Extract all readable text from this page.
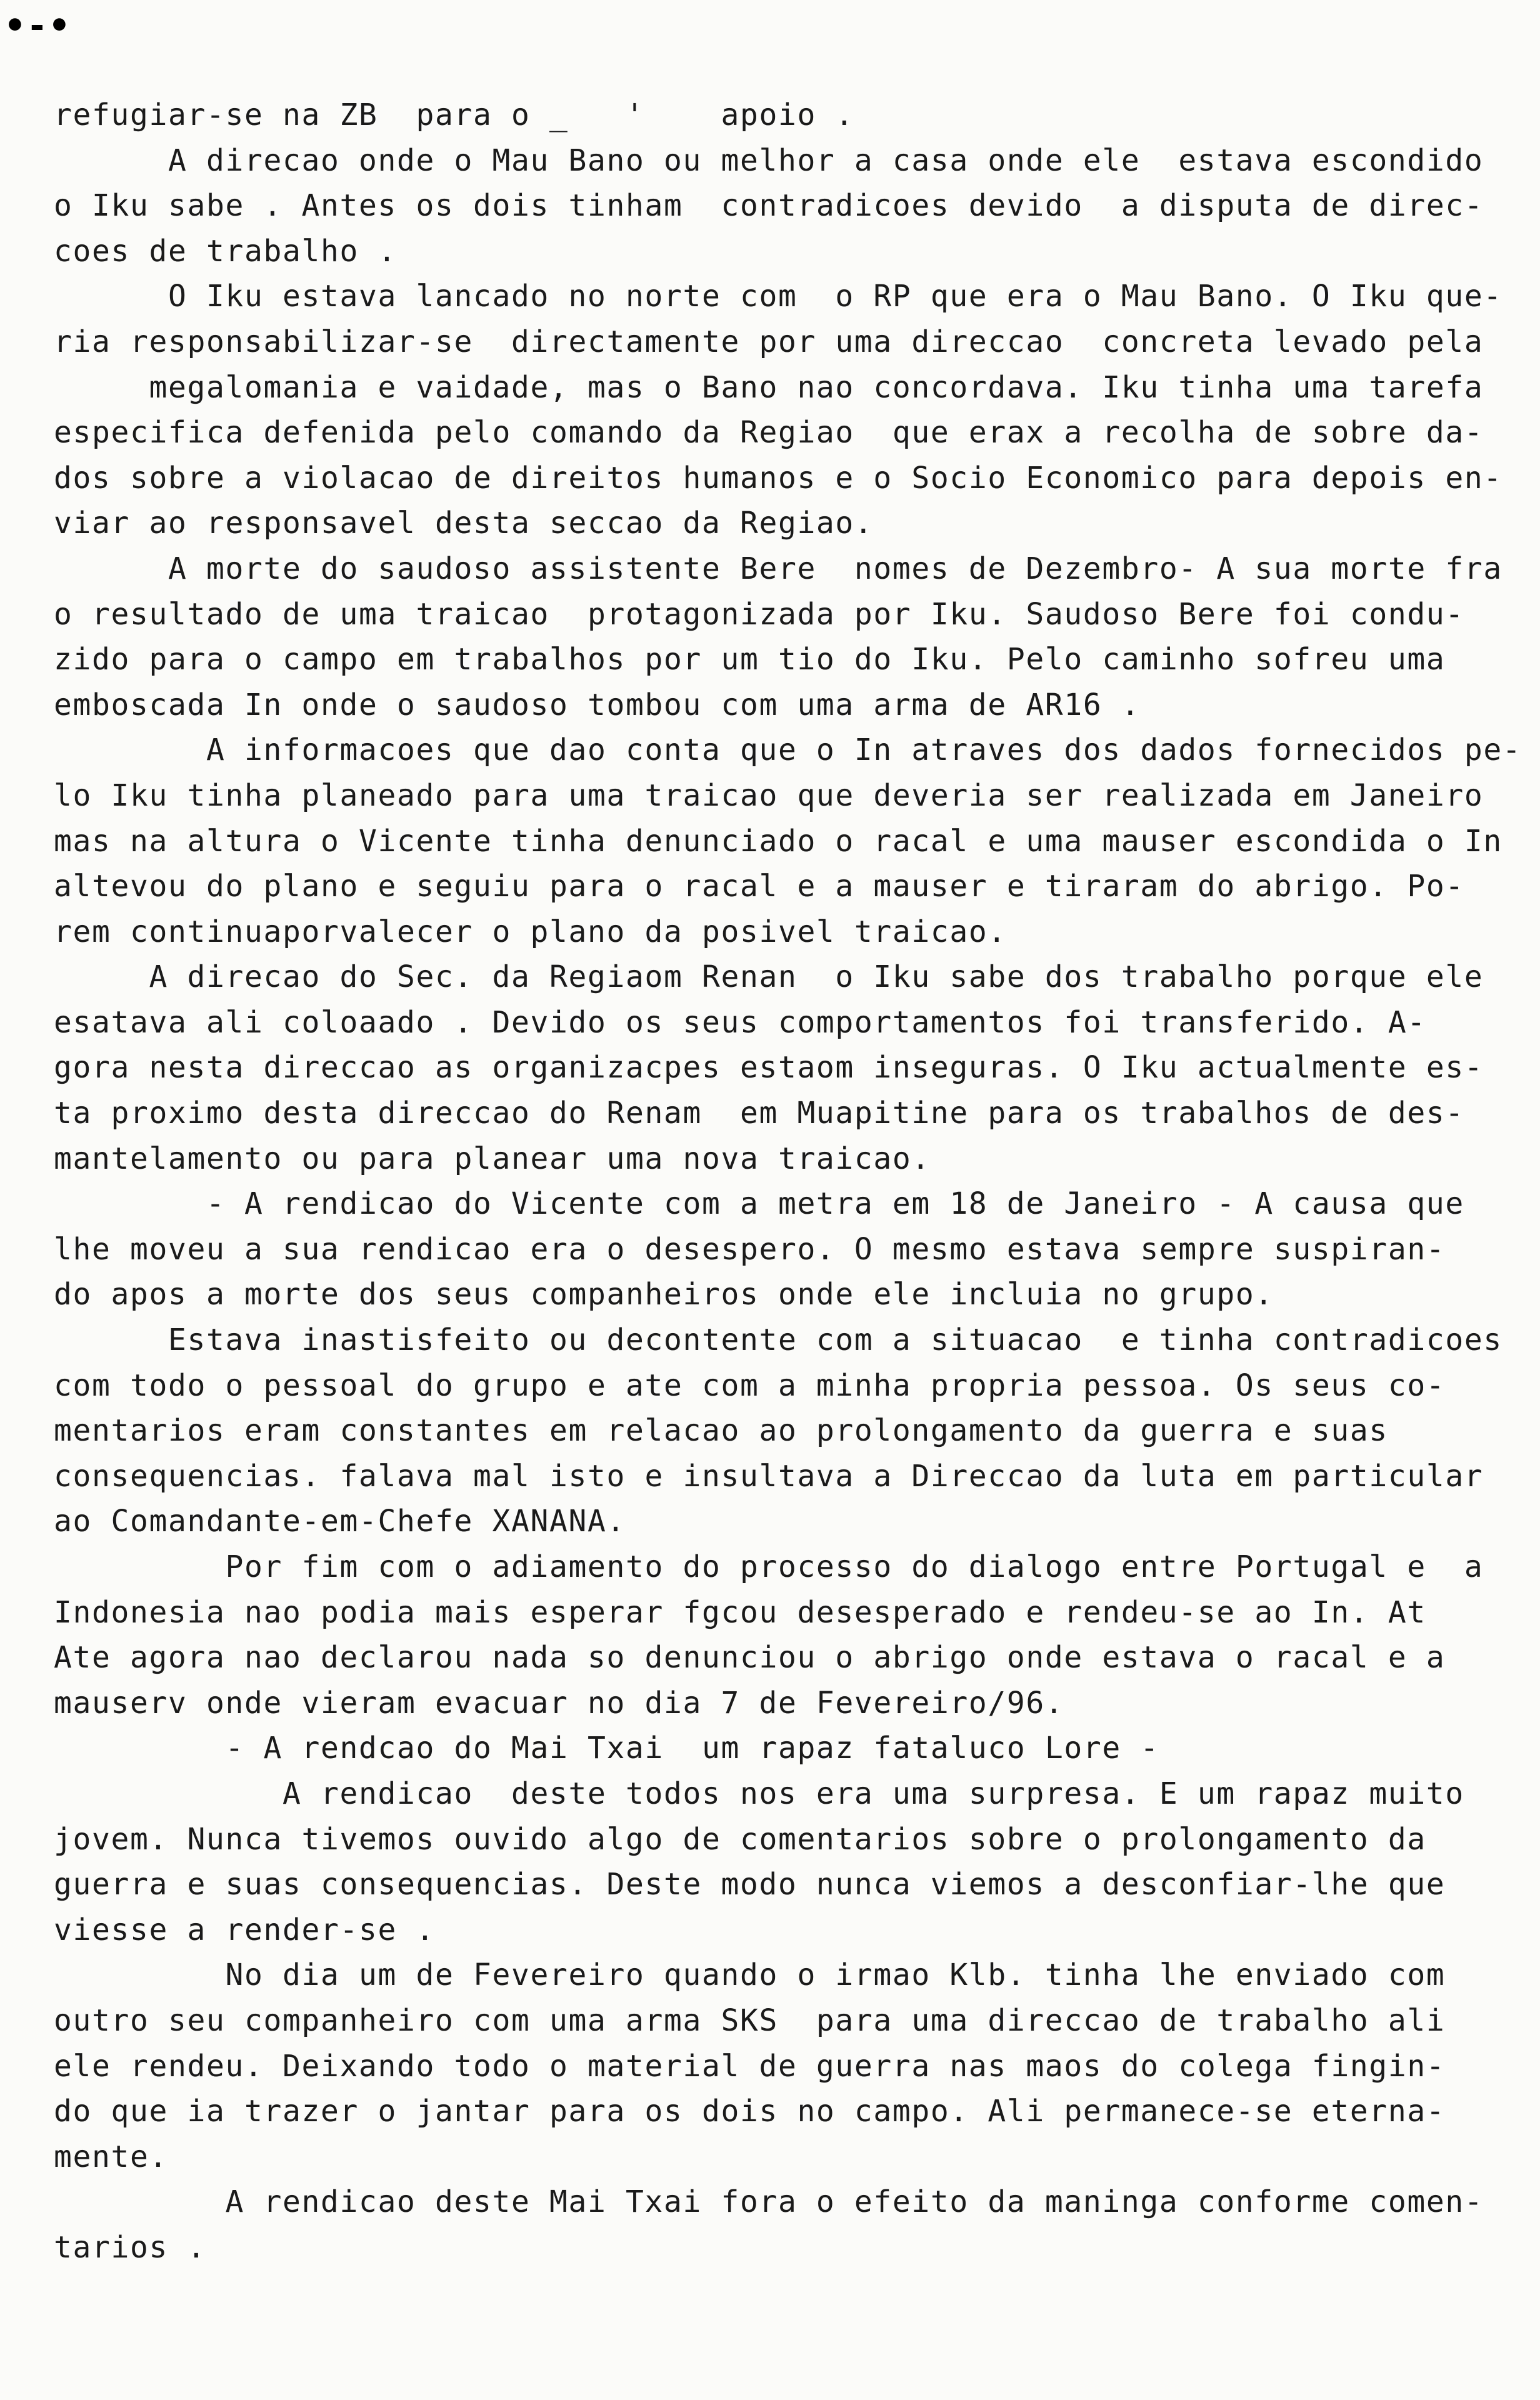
•-•
refugiar-se na ZB  para o _   '    apoio .
A direcao onde o Mau Bano ou melhor a casa onde ele  estava escondido
o Iku sabe . Antes os dois tinham  contradicoes devido  a disputa de direc-
coes de trabalho .
O Iku estava lancado no norte com  o RP que era o Mau Bano. O Iku que-
ria responsabilizar-se  directamente por uma direccao  concreta levado pela
megalomania e vaidade, mas o Bano nao concordava. Iku tinha uma tarefa
especifica defenida pelo comando da Regiao  que erax a recolha de sobre da-
dos sobre a violacao de direitos humanos e o Socio Economico para depois en-
viar ao responsavel desta seccao da Regiao.
A morte do saudoso assistente Bere  nomes de Dezembro- A sua morte fra
o resultado de uma traicao  protagonizada por Iku. Saudoso Bere foi condu-
zido para o campo em trabalhos por um tio do Iku. Pelo caminho sofreu uma
emboscada In onde o saudoso tombou com uma arma de AR16 .
A informacoes que dao conta que o In atraves dos dados fornecidos pe-
lo Iku tinha planeado para uma traicao que deveria ser realizada em Janeiro
mas na altura o Vicente tinha denunciado o racal e uma mauser escondida o In
altevou do plano e seguiu para o racal e a mauser e tiraram do abrigo. Po-
rem continuaporvalecer o plano da posivel traicao.
A direcao do Sec. da Regiaom Renan  o Iku sabe dos trabalho porque ele
esatava ali coloaado . Devido os seus comportamentos foi transferido. A-
gora nesta direccao as organizacpes estaom inseguras. O Iku actualmente es-
ta proximo desta direccao do Renam  em Muapitine para os trabalhos de des-
mantelamento ou para planear uma nova traicao.
- A rendicao do Vicente com a metra em 18 de Janeiro - A causa que
lhe moveu a sua rendicao era o desespero. O mesmo estava sempre suspiran-
do apos a morte dos seus companheiros onde ele incluia no grupo.
Estava inastisfeito ou decontente com a situacao  e tinha contradicoes
com todo o pessoal do grupo e ate com a minha propria pessoa. Os seus co-
mentarios eram constantes em relacao ao prolongamento da guerra e suas
consequencias. falava mal isto e insultava a Direccao da luta em particular
ao Comandante-em-Chefe XANANA.
Por fim com o adiamento do processo do dialogo entre Portugal e  a
Indonesia nao podia mais esperar fgcou desesperado e rendeu-se ao In. At
Ate agora nao declarou nada so denunciou o abrigo onde estava o racal e a
mauserv onde vieram evacuar no dia 7 de Fevereiro/96.
- A rendcao do Mai Txai  um rapaz fataluco Lore -
A rendicao  deste todos nos era uma surpresa. E um rapaz muito
jovem. Nunca tivemos ouvido algo de comentarios sobre o prolongamento da
guerra e suas consequencias. Deste modo nunca viemos a desconfiar-lhe que
viesse a render-se .
No dia um de Fevereiro quando o irmao Klb. tinha lhe enviado com
outro seu companheiro com uma arma SKS  para uma direccao de trabalho ali
ele rendeu. Deixando todo o material de guerra nas maos do colega fingin-
do que ia trazer o jantar para os dois no campo. Ali permanece-se eterna-
mente.
A rendicao deste Mai Txai fora o efeito da maninga conforme comen-
tarios .
